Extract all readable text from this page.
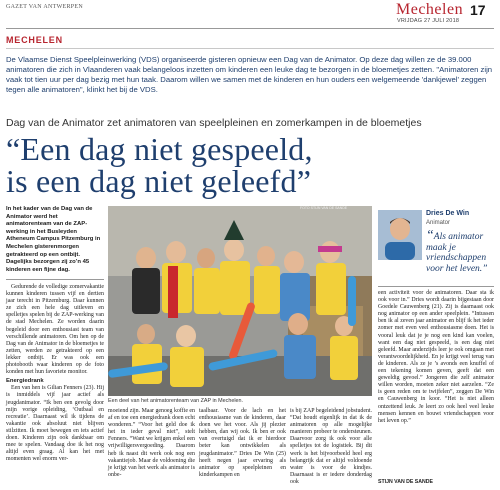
GAZET VAN ANTWERPEN	Mechelen 17
VRIJDAG 27 JULI 2018
MECHELEN

De Vlaamse Dienst Speelpleinwerking (VDS) organiseerde gisteren opnieuw een Dag van de Animator. Op deze dag willen ze de 39.000 animatoren die zich in Vlaanderen vaak belangeloos inzetten om kinderen een leuke dag te bezorgen in de bloemetjes zetten. "Animatoren zijn vaak tot tien uur per dag bezig met hun taak. Daarom willen we samen met de kinderen en hun ouders een welgemeende 'dankjewel' zeggen tegen alle animatoren", klinkt het bij de VDS.

Dag van de Animator zet animatoren van speelpleinen en zomerkampen in de bloemetjes
“Een dag niet gespeeld,
is een dag niet geleefd”
In het kader van de Dag van de Animator werd het animatorenteam van de ZAP-werking in het Busleyden Atheneum Campus Pitzemburg in Mechelen gisterenmorgen getrakteerd op een ontbijt. Dagelijks bezorgen zij zo’n 45 kinderen een fijne dag.

Gedurende de volledige zomervakantie kunnen kinderen tussen vijf en dertien jaar terecht in Pitzemburg. Daar kunnen ze zich een hele dag uitleven en spelletjes spelen bij de ZAP-werking van de stad Mechelen. Ze worden daarin begeleid door een enthousiast team van verschillende animatoren. Om hen op de Dag van de Animator in de bloemetjes te zetten, werden ze getrakteerd op een lekker ontbijt. Er was ook een photobooth waar kinderen op de foto konden met hun favoriete monitor.

Energiedrank

Een van hen is Gilian Fenners (23). Hij is inmiddels vijf jaar actief als jeugdanimator. “Ik ben een gevolg door mijn vorige opleiding, ‘Outbaal en recreatie’. Daarnaast wil ik tijdens de vakantie ook absoluut niet blijven stilzitten. Ik moet bewegen en iets actief doen. Kinderen zijn ook dankbaar om mee te spelen. Vandaag doe ik het nog altijd even graag. Al kan het met momenten wel enorm ver-

FOTO STIJN VAN DE SANDE
Een deel van het animatorenteam van ZAP in Mechelen.

moeiend zijn. Maar genoeg koffie en af en toe een energiedrank doen echt wonderen.” “Voor het geld doe ik het in ieder geval niet”, stelt Fenners. “Want we krijgen enkel een vrijwilligersvergoeding. Daarom heb ik naast dit werk ook nog een vakantiejob. Maar de voldoening die je krijgt van het werk als animator is onbe-

taalbaar. Voor de lach en het enthousiasme van de kinderen, daar doen we het voor. Als jij plezier hebben, dan wij ook. Ik ben er ook van overtuigd dat ik er hierdoor beter kan ontwikkelen als jeugdanimator.” Dries De Win (25) heeft negen jaar ervaring als animator op speelpleinen en kinderkampen en

is bij ZAP begeleidend jobstudent. “Dat houdt eigenlijk in dat ik de animatoren op alle mogelijke manieren probeer te ondersteunen. Daarvoor zorg ik ook voor alle spelletjes tot de logistiek. Bij dit werk is het bijvoorbeeld heel erg belangrijk dat er altijd voldoende water is voor de kindjes. Daarnaast is er iedere donderdag ook

Dries De Win
Animator
“Als animator maak je vriendschappen voor het leven.”

een activiteit voor de animatoren. Daar sta ik ook voor in.” Dries wordt daarin bijgestaan door Goedele Cauwenberg (21). Zij is daarnaast ook nog animator op een ander speelplein. “Intussen ben ik al zeven jaar animator en blijf ik het ieder zomer met even veel enthousiasme doen. Het is vooral leuk dat je je nog een kind kan voelen, want een dag niet gespeeld, is een dag niet geleefd. Maar anderzijds leer je ook omgaan met verantwoordelijkheid. En je krijgt veel terug van de kinderen. Als ze je ’s avonds een knuffel of een tekening komen geven, geeft dat een geweldig gevoel.” Jongeren die zelf animator willen worden, moeten zeker niet aarzelen. “Ze is geen reden om te twijfelen”, zeggen De Win en Cauwenberg in koor. “Het is niet alleen ontzettend leuk. Je leert zo ook heel veel leuke mensen kennen en bouwt vriendschappen voor het leven op.”

STIJN VAN DE SANDE
